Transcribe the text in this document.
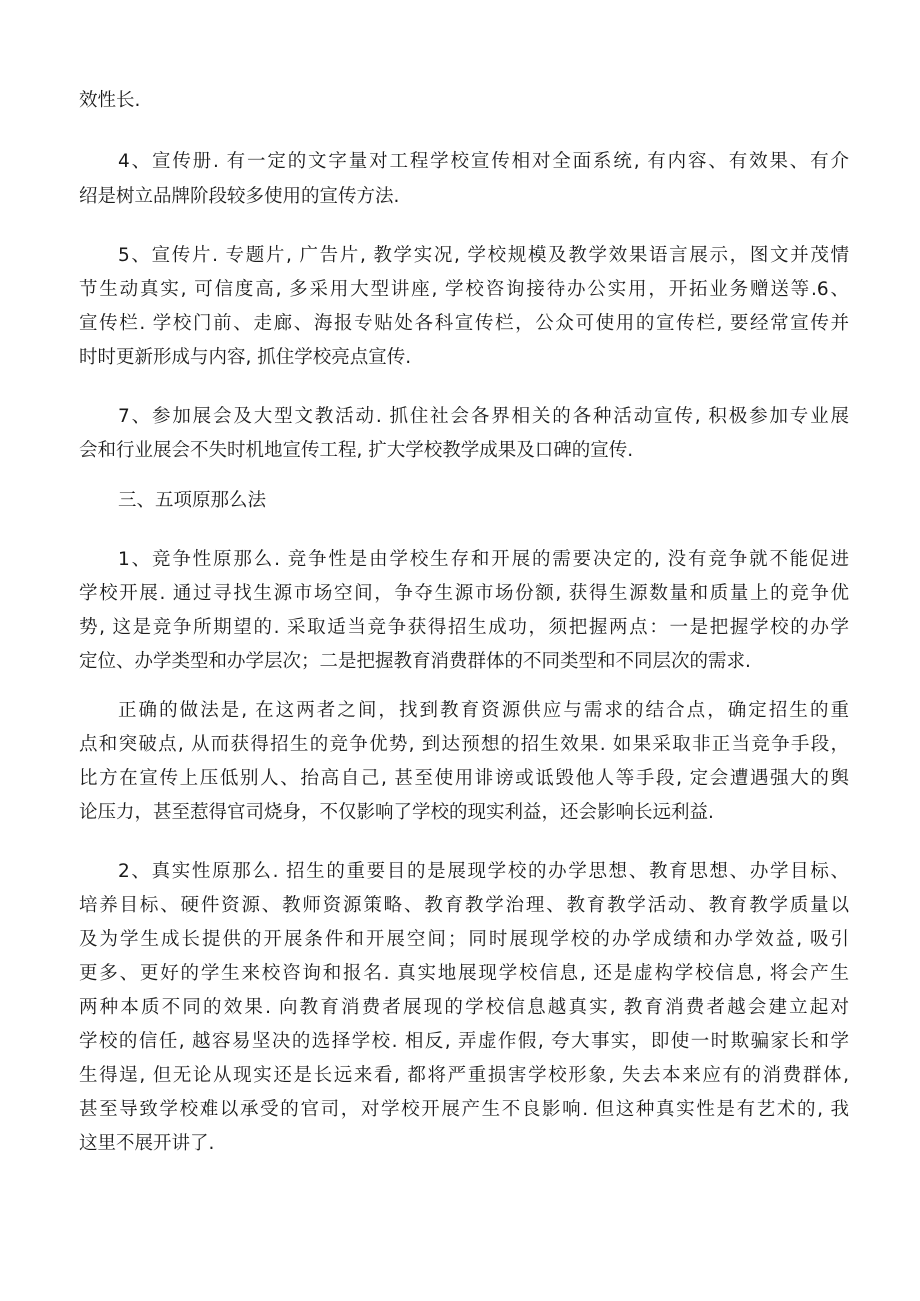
效性长.
4、宣传册. 有一定的文字量对工程学校宣传相对全面系统, 有内容、有效果、有介
绍是树立品牌阶段较多使用的宣传方法.
5、宣传片. 专题片, 广告片, 教学实况, 学校规模及教学效果语言展示，图文并茂情
节生动真实, 可信度高, 多采用大型讲座, 学校咨询接待办公实用，开拓业务赠送等.6、
宣传栏. 学校门前、走廊、海报专贴处各科宣传栏，公众可使用的宣传栏, 要经常宣传并
时时更新形成与内容, 抓住学校亮点宣传.
7、参加展会及大型文教活动. 抓住社会各界相关的各种活动宣传, 积极参加专业展
会和行业展会不失时机地宣传工程, 扩大学校教学成果及口碑的宣传.
三、五项原那么法
1、竞争性原那么. 竞争性是由学校生存和开展的需要决定的, 没有竞争就不能促进
学校开展. 通过寻找生源市场空间，争夺生源市场份额, 获得生源数量和质量上的竞争优
势, 这是竞争所期望的. 采取适当竞争获得招生成功，须把握两点：一是把握学校的办学
定位、办学类型和办学层次；二是把握教育消费群体的不同类型和不同层次的需求.
正确的做法是, 在这两者之间，找到教育资源供应与需求的结合点，确定招生的重
点和突破点, 从而获得招生的竞争优势, 到达预想的招生效果. 如果采取非正当竞争手段，
比方在宣传上压低别人、抬高自己, 甚至使用诽谤或诋毁他人等手段, 定会遭遇强大的舆
论压力，甚至惹得官司烧身，不仅影响了学校的现实利益，还会影响长远利益.
2、真实性原那么. 招生的重要目的是展现学校的办学思想、教育思想、办学目标、
培养目标、硬件资源、教师资源策略、教育教学治理、教育教学活动、教育教学质量以
及为学生成长提供的开展条件和开展空间；同时展现学校的办学成绩和办学效益, 吸引
更多、更好的学生来校咨询和报名. 真实地展现学校信息, 还是虚构学校信息, 将会产生
两种本质不同的效果. 向教育消费者展现的学校信息越真实, 教育消费者越会建立起对
学校的信任, 越容易坚决的选择学校. 相反, 弄虚作假, 夸大事实，即使一时欺骗家长和学
生得逞, 但无论从现实还是长远来看, 都将严重损害学校形象, 失去本来应有的消费群体,
甚至导致学校难以承受的官司，对学校开展产生不良影响. 但这种真实性是有艺术的, 我
这里不展开讲了.
